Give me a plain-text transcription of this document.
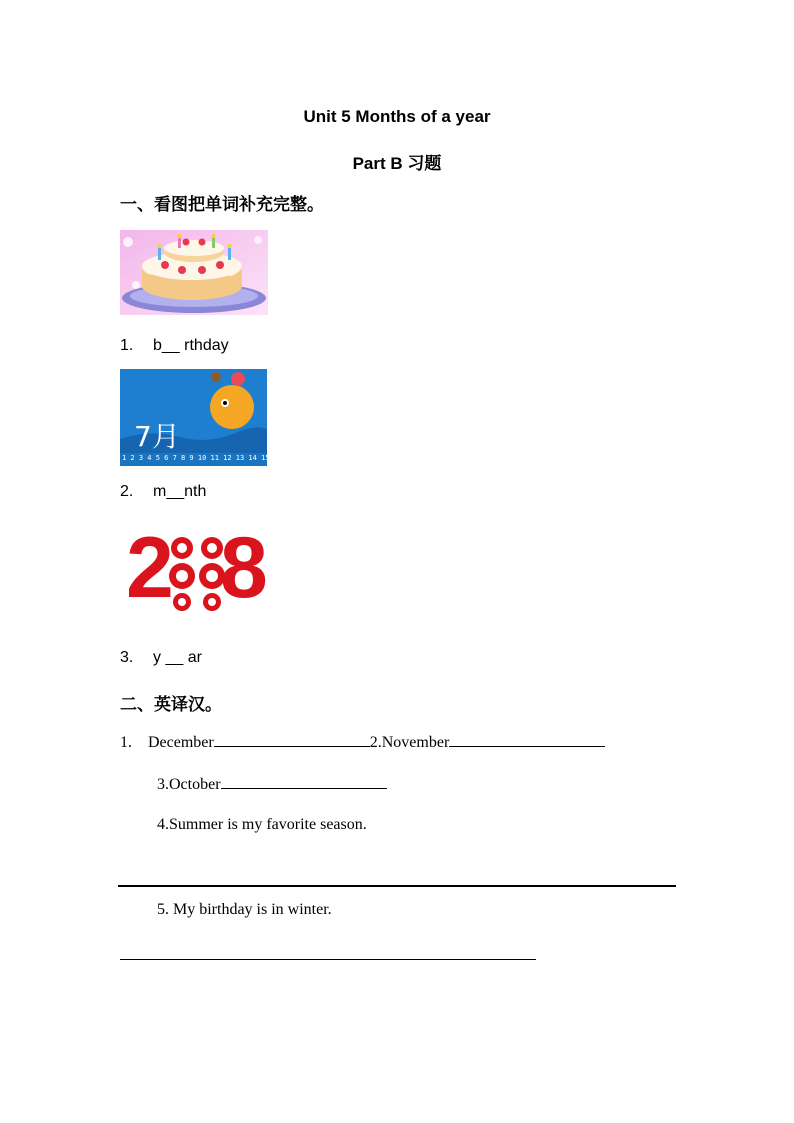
Unit 5 Months of a year
Part B 习题
一、看图把单词补充完整。
1. b__ rthday
7月
1 2 3 4 5 6 7 8 9 10 11 12 13 14 15 16 17 18
2. m__nth
2 8
3. y __ ar
二、英译汉。
1. December	2.November
3.October
4.Summer is my favorite season.
5. My birthday is in winter.
